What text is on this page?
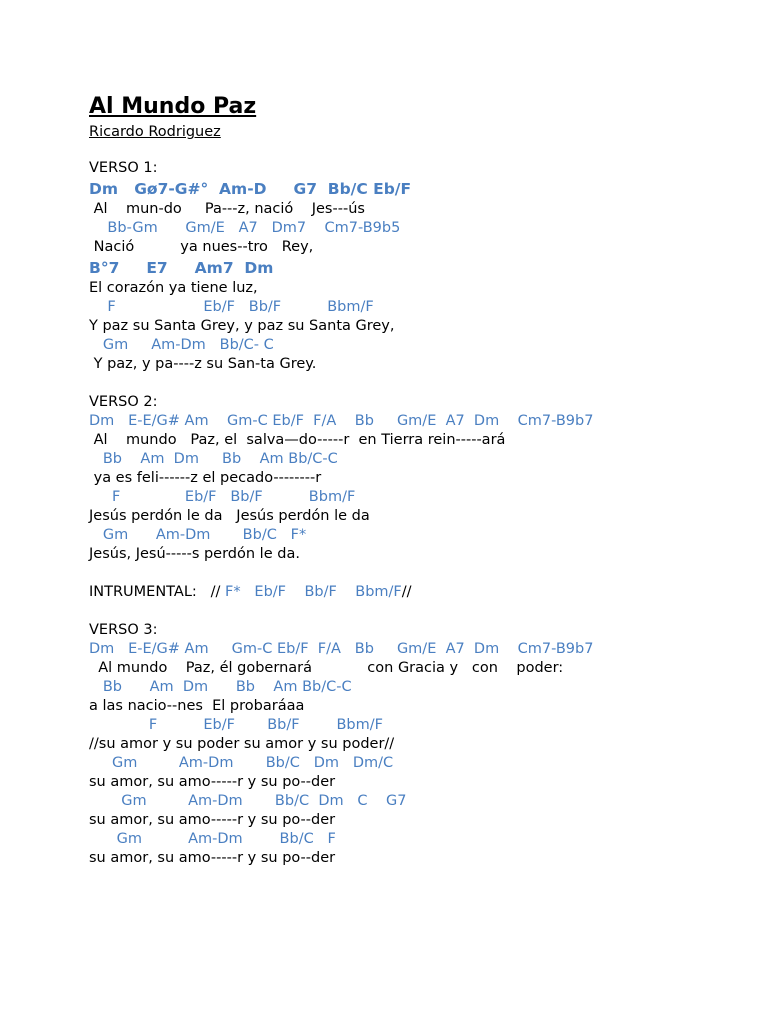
Al Mundo Paz
Ricardo Rodriguez
VERSO 1:
Dm   Gø7-G#°  Am-D     G7  Bb/C Eb/F
Al    mun-do     Pa---z, nació    Jes---ús
Bb-Gm      Gm/E   A7   Dm7    Cm7-B9b5
Nació          ya nues--tro   Rey,
B°7     E7     Am7  Dm
El corazón ya tiene luz,
F                   Eb/F   Bb/F          Bbm/F
Y paz su Santa Grey, y paz su Santa Grey,
Gm     Am-Dm   Bb/C- C
Y paz, y pa----z su San-ta Grey.
VERSO 2:
Dm   E-E/G# Am    Gm-C Eb/F  F/A    Bb     Gm/E  A7  Dm    Cm7-B9b7
Al    mundo   Paz, el  salva—do-----r  en Tierra rein-----ará
Bb    Am  Dm     Bb    Am Bb/C-C
ya es feli------z el pecado--------r
F              Eb/F   Bb/F          Bbm/F
Jesús perdón le da   Jesús perdón le da
Gm      Am-Dm       Bb/C   F*
Jesús, Jesú-----s perdón le da.
INTRUMENTAL:   // F*   Eb/F    Bb/F    Bbm/F//
VERSO 3:
Dm   E-E/G# Am     Gm-C Eb/F  F/A   Bb     Gm/E  A7  Dm    Cm7-B9b7
Al mundo    Paz, él gobernará            con Gracia y   con    poder:
Bb      Am  Dm      Bb    Am Bb/C-C
a las nacio--nes  El probaráaa
F          Eb/F       Bb/F        Bbm/F
//su amor y su poder su amor y su poder//
Gm         Am-Dm       Bb/C   Dm   Dm/C
su amor, su amo-----r y su po--der
Gm         Am-Dm       Bb/C  Dm   C    G7
su amor, su amo-----r y su po--der
Gm          Am-Dm        Bb/C   F
su amor, su amo-----r y su po--der
